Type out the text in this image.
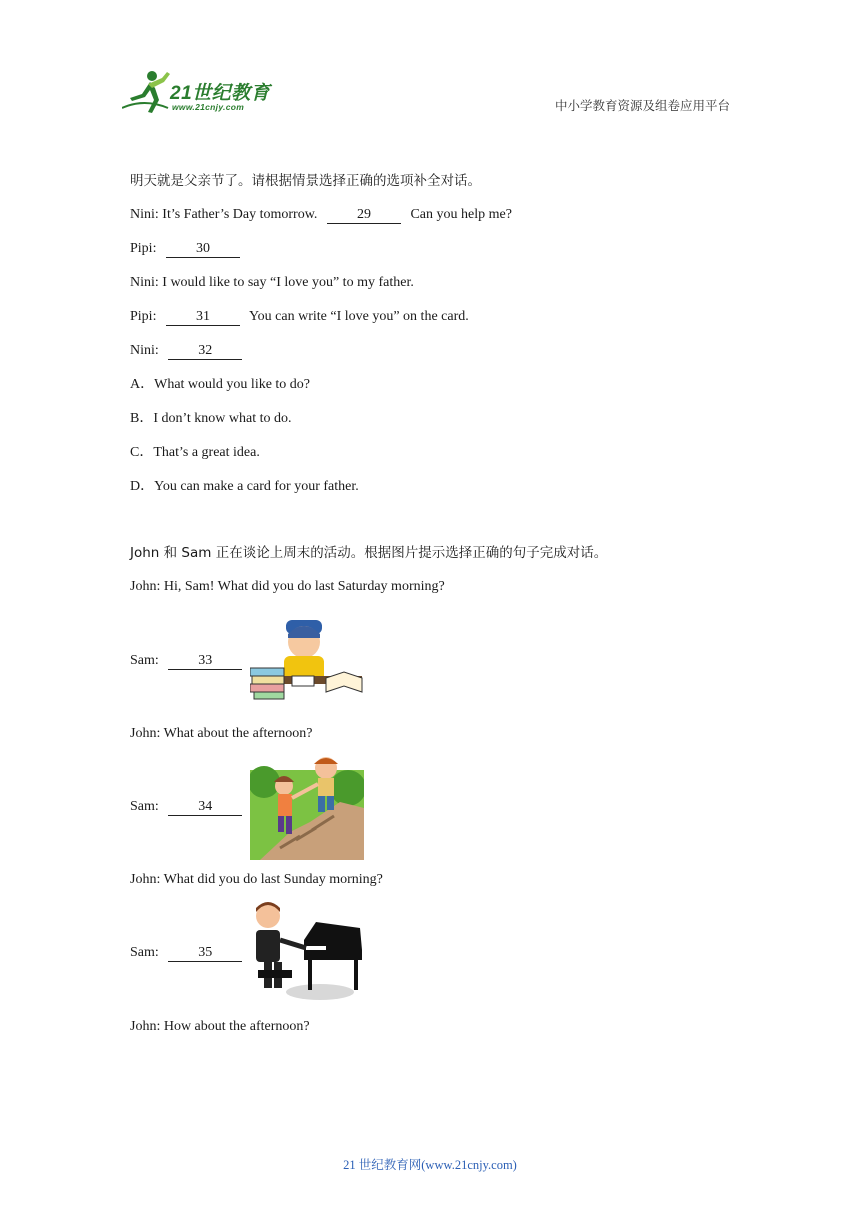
21世纪教育
www.21cnjy.com	中小学教育资源及组卷应用平台
明天就是父亲节了。请根据情景选择正确的选项补全对话。
Nini: It’s Father’s Day tomorrow.	29	Can you help me?
Pipi:	30
Nini: I would like to say “I love you” to my father.
Pipi:	31	You can write “I love you” on the card.
Nini:	32
A．What would you like to do?
B．I don’t know what to do.
C．That’s a great idea.
D．You can make a card for your father.
John 和 Sam 正在谈论上周末的活动。根据图片提示选择正确的句子完成对话。
John: Hi, Sam! What did you do last Saturday morning?
Sam:	33
John: What about the afternoon?
Sam:	34
John: What did you do last Sunday morning?
Sam:	35
John: How about the afternoon?
21 世纪教育网(www.21cnjy.com)
